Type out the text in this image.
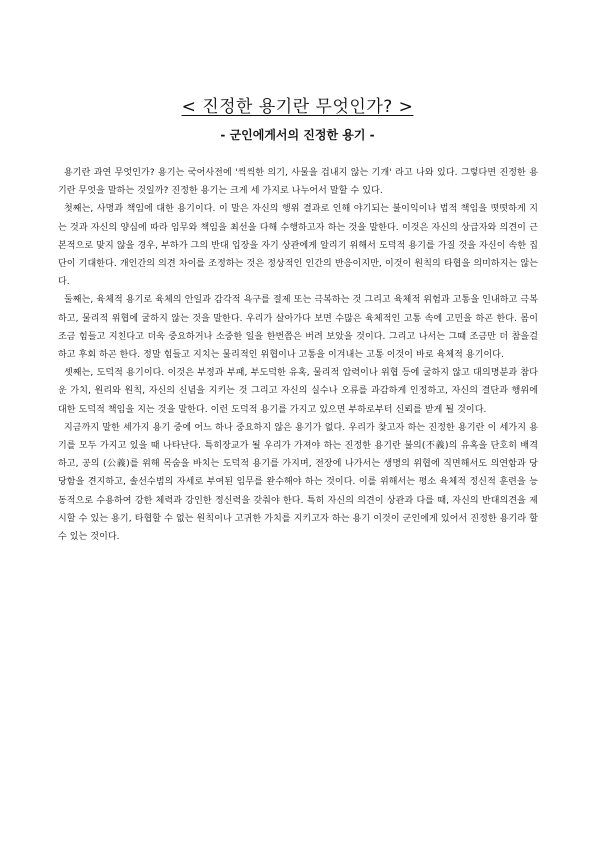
< 진정한 용기란 무엇인가? >
- 군인에게서의 진정한 용기 -

용기란 과연 무엇인가? 용기는 국어사전에 '씩씩한 의기, 사물을 겁내지 않는 기개' 라고 나와 있다. 그렇다면 진정한 용기란 무엇을 말하는 것일까? 진정한 용기는 크게 세 가지로 나누어서 말할 수 있다.

첫째는, 사명과 책임에 대한 용기이다. 이 말은 자신의 행위 결과로 인해 야기되는 불이익이나 법적 책임을 떳떳하게 지는 것과 자신의 양심에 따라 임무와 책임을 최선을 다해 수행하고자 하는 것을 말한다. 이것은 자신의 상급자와 의견이 근본적으로 맞지 않을 경우, 부하가 그의 반대 입장을 자기 상관에게 알리기 위해서 도덕적 용기를 가질 것을 자신이 속한 집단이 기대한다. 개인간의 의견 차이를 조정하는 것은 정상적인 인간의 반응이지만, 이것이 원칙의 타협을 의미하지는 않는다.

둘째는, 육체적 용기로 육체의 안일과 감각적 욕구를 절제 또는 극복하는 것 그리고 육체적 위험과 고통을 인내하고 극복하고, 물리적 위협에 굴하지 않는 것을 말한다. 우리가 살아가다 보면 수많은 육체적인 고통 속에 고민을 하곤 한다. 몸이 조금 힘들고 지친다고 더욱 중요하거나 소중한 일을 한번쯤은 버려 보았을 것이다. 그리고 나서는 그때 조금만 더 참을걸 하고 후회 하곤 한다. 정말 힘들고 지치는 물리적인 위협이나 고통을 이겨내는 고통 이것이 바로 육체적 용기이다.

셋째는, 도덕적 용기이다. 이것은 부정과 부패, 부도덕한 유혹, 물리적 압력이나 위협 등에 굴하지 않고 대의명분과 참다운 가치, 원리와 원칙, 자신의 신념을 지키는 것 그리고 자신의 실수나 오류를 과감하게 인정하고, 자신의 결단과 행위에 대한 도덕적 책임을 지는 것을 말한다. 이런 도덕적 용기를 가지고 있으면 부하로부터 신뢰를 받게 될 것이다.

지금까지 말한 세가지 용기 중에 어느 하나 중요하지 않은 용기가 없다. 우리가 찾고자 하는 진정한 용기란 이 세가지 용기를 모두 가지고 있을 때 나타난다. 특히장교가 될 우리가 가져야 하는 진정한 용기란 불의(不義)의 유혹을 단호히 배격하고, 공의 (公義)를 위해 목숨을 바치는 도덕적 용기를 가지며, 전장에 나가서는 생명의 위협에 직면해서도 의연함과 당당함을 견지하고, 솔선수범의 자세로 부여된 임무를 완수해야 하는 것이다. 이를 위해서는 평소 육체적 정신적 훈련을 능동적으로 수용하여 강한 체력과 강인한 정신력을 갖춰야 한다. 특히 자신의 의견이 상관과 다를 때, 자신의 반대의견을 제시할 수 있는 용기, 타협할 수 없는 원칙이나 고귀한 가치를 지키고자 하는 용기 이것이 군인에게 있어서 진정한 용기라 할 수 있는 것이다.
